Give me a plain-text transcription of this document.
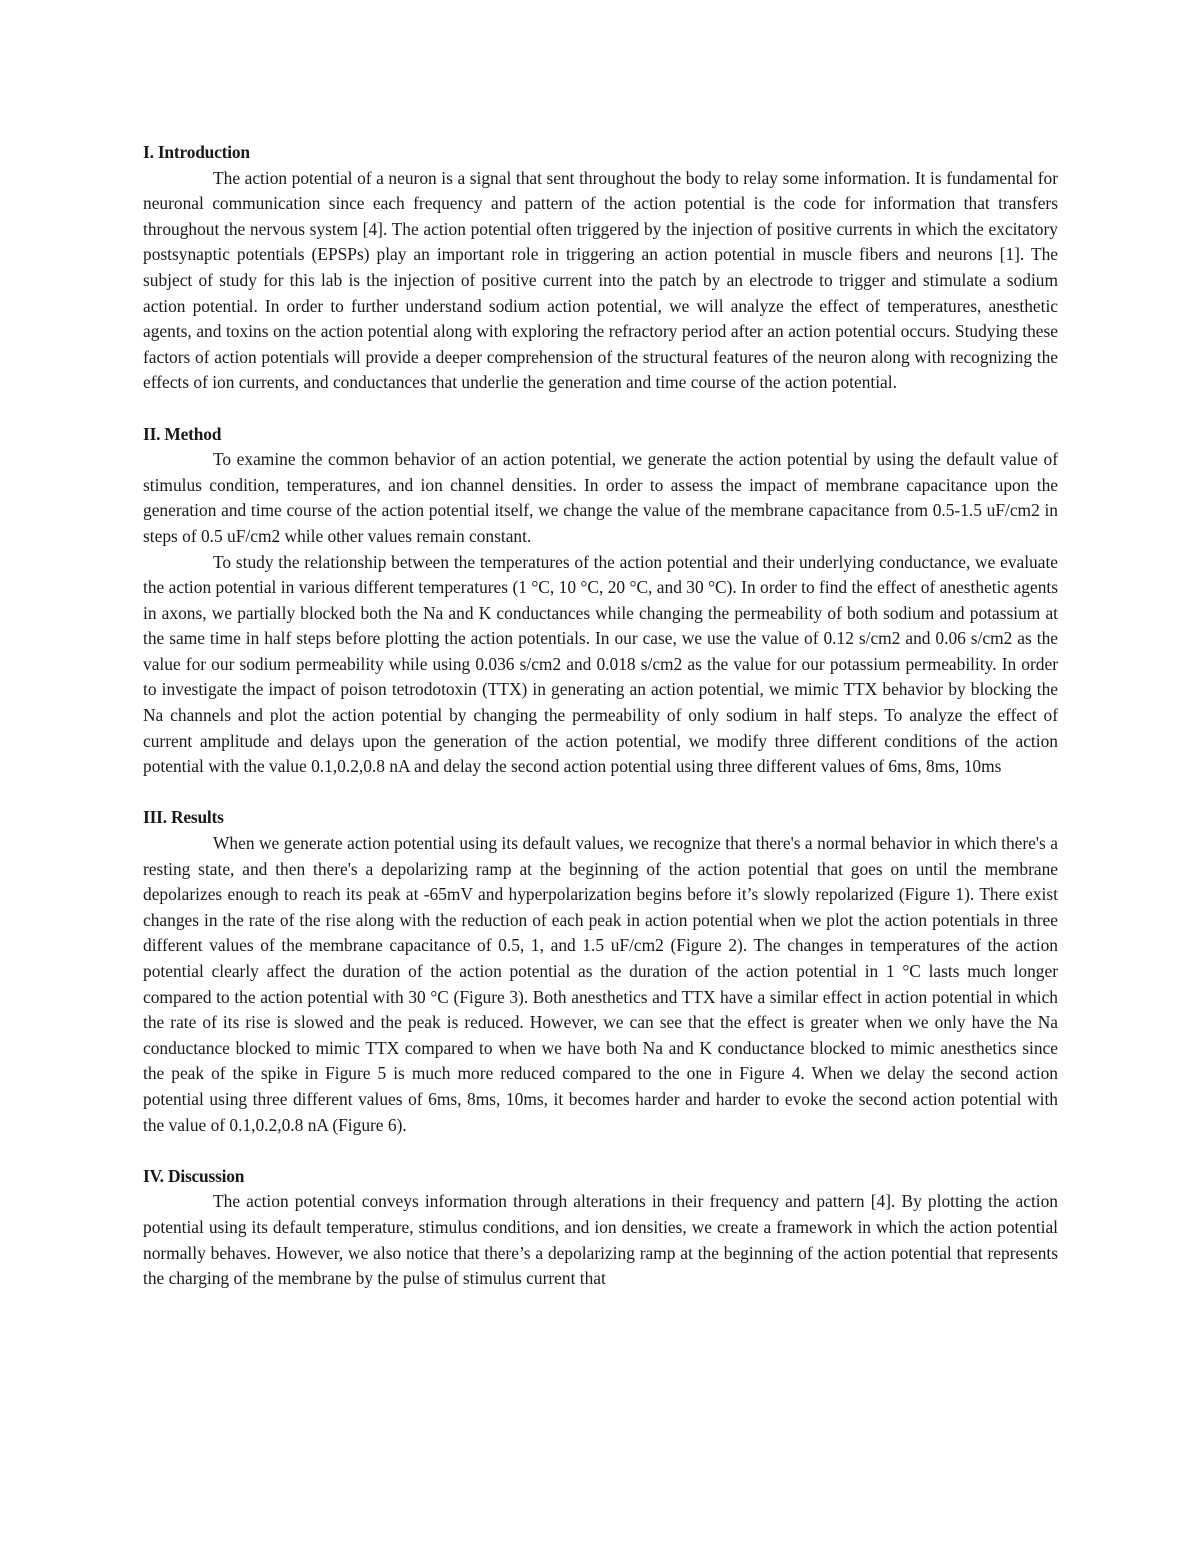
I. Introduction

The action potential of a neuron is a signal that sent throughout the body to relay some information. It is fundamental for neuronal communication since each frequency and pattern of the action potential is the code for information that transfers throughout the nervous system [4]. The action potential often triggered by the injection of positive currents in which the excitatory postsynaptic potentials (EPSPs) play an important role in triggering an action potential in muscle fibers and neurons [1]. The subject of study for this lab is the injection of positive current into the patch by an electrode to trigger and stimulate a sodium action potential. In order to further understand sodium action potential, we will analyze the effect of temperatures, anesthetic agents, and toxins on the action potential along with exploring the refractory period after an action potential occurs. Studying these factors of action potentials will provide a deeper comprehension of the structural features of the neuron along with recognizing the effects of ion currents, and conductances that underlie the generation and time course of the action potential.

II. Method

To examine the common behavior of an action potential, we generate the action potential by using the default value of stimulus condition, temperatures, and ion channel densities. In order to assess the impact of membrane capacitance upon the generation and time course of the action potential itself, we change the value of the membrane capacitance from 0.5-1.5 uF/cm2 in steps of 0.5 uF/cm2 while other values remain constant.

To study the relationship between the temperatures of the action potential and their underlying conductance, we evaluate the action potential in various different temperatures (1 °C, 10 °C, 20 °C, and 30 °C). In order to find the effect of anesthetic agents in axons, we partially blocked both the Na and K conductances while changing the permeability of both sodium and potassium at the same time in half steps before plotting the action potentials. In our case, we use the value of 0.12 s/cm2 and 0.06 s/cm2 as the value for our sodium permeability while using 0.036 s/cm2 and 0.018 s/cm2 as the value for our potassium permeability. In order to investigate the impact of poison tetrodotoxin (TTX) in generating an action potential, we mimic TTX behavior by blocking the Na channels and plot the action potential by changing the permeability of only sodium in half steps. To analyze the effect of current amplitude and delays upon the generation of the action potential, we modify three different conditions of the action potential with the value 0.1,0.2,0.8 nA and delay the second action potential using three different values of 6ms, 8ms, 10ms

III. Results

When we generate action potential using its default values, we recognize that there's a normal behavior in which there's a resting state, and then there's a depolarizing ramp at the beginning of the action potential that goes on until the membrane depolarizes enough to reach its peak at -65mV and hyperpolarization begins before it’s slowly repolarized (Figure 1). There exist changes in the rate of the rise along with the reduction of each peak in action potential when we plot the action potentials in three different values of the membrane capacitance of 0.5, 1, and 1.5 uF/cm2 (Figure 2). The changes in temperatures of the action potential clearly affect the duration of the action potential as the duration of the action potential in 1 °C lasts much longer compared to the action potential with 30 °C (Figure 3). Both anesthetics and TTX have a similar effect in action potential in which the rate of its rise is slowed and the peak is reduced. However, we can see that the effect is greater when we only have the Na conductance blocked to mimic TTX compared to when we have both Na and K conductance blocked to mimic anesthetics since the peak of the spike in Figure 5 is much more reduced compared to the one in Figure 4. When we delay the second action potential using three different values of 6ms, 8ms, 10ms, it becomes harder and harder to evoke the second action potential with the value of 0.1,0.2,0.8 nA (Figure 6).

IV. Discussion

The action potential conveys information through alterations in their frequency and pattern [4]. By plotting the action potential using its default temperature, stimulus conditions, and ion densities, we create a framework in which the action potential normally behaves. However, we also notice that there’s a depolarizing ramp at the beginning of the action potential that represents the charging of the membrane by the pulse of stimulus current that
